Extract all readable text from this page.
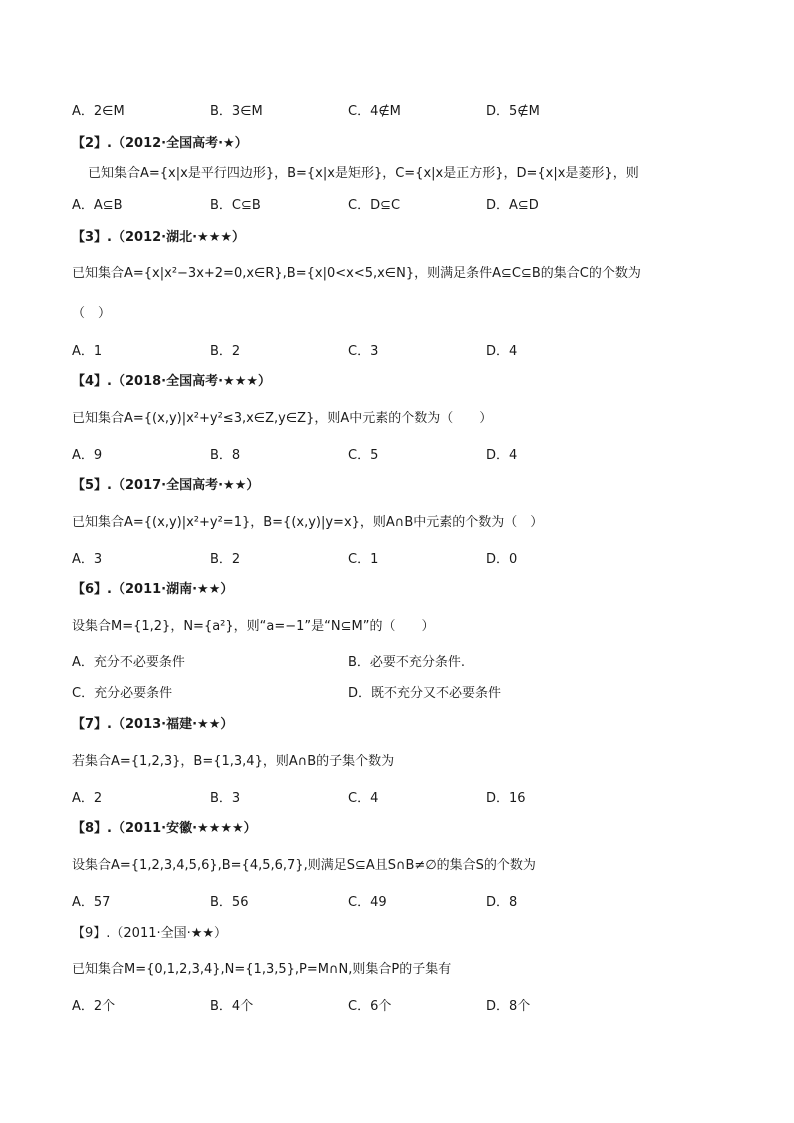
A．2∈M	B．3∈M	C．4∉M	D．5∉M
【2】.（2012·全国高考·★）
已知集合A={x|x是平行四边形}，B={x|x是矩形}，C={x|x是正方形}，D={x|x是菱形}，则
A．A⊆B	B．C⊆B	C．D⊆C	D．A⊆D
【3】.（2012·湖北·★★★）
已知集合A={x|x²−3x+2=0,x∈R},B={x|0<x<5,x∈N}，则满足条件A⊆C⊆B的集合C的个数为
（　）
A．1	B．2	C．3	D．4
【4】.（2018·全国高考·★★★）
已知集合A={(x,y)|x²+y²≤3,x∈Z,y∈Z}，则A中元素的个数为（　　）
A．9	B．8	C．5	D．4
【5】.（2017·全国高考·★★）
已知集合A={(x,y)|x²+y²=1}，B={(x,y)|y=x}，则A∩B中元素的个数为（　）
A．3	B．2	C．1	D．0
【6】.（2011·湖南·★★）
设集合M={1,2}，N={a²}，则“a=−1”是“N⊆M”的（　　）
A．充分不必要条件	B．必要不充分条件.
C．充分必要条件	D．既不充分又不必要条件
【7】.（2013·福建·★★）
若集合A={1,2,3}，B={1,3,4}，则A∩B的子集个数为
A．2	B．3	C．4	D．16
【8】.（2011·安徽·★★★★）
设集合A={1,2,3,4,5,6},B={4,5,6,7},则满足S⊆A且S∩B≠∅的集合S的个数为
A．57	B．56	C．49	D．8
【9】.（2011·全国·★★）
已知集合M={0,1,2,3,4},N={1,3,5},P=M∩N,则集合P的子集有
A．2个	B．4个	C．6个	D．8个
